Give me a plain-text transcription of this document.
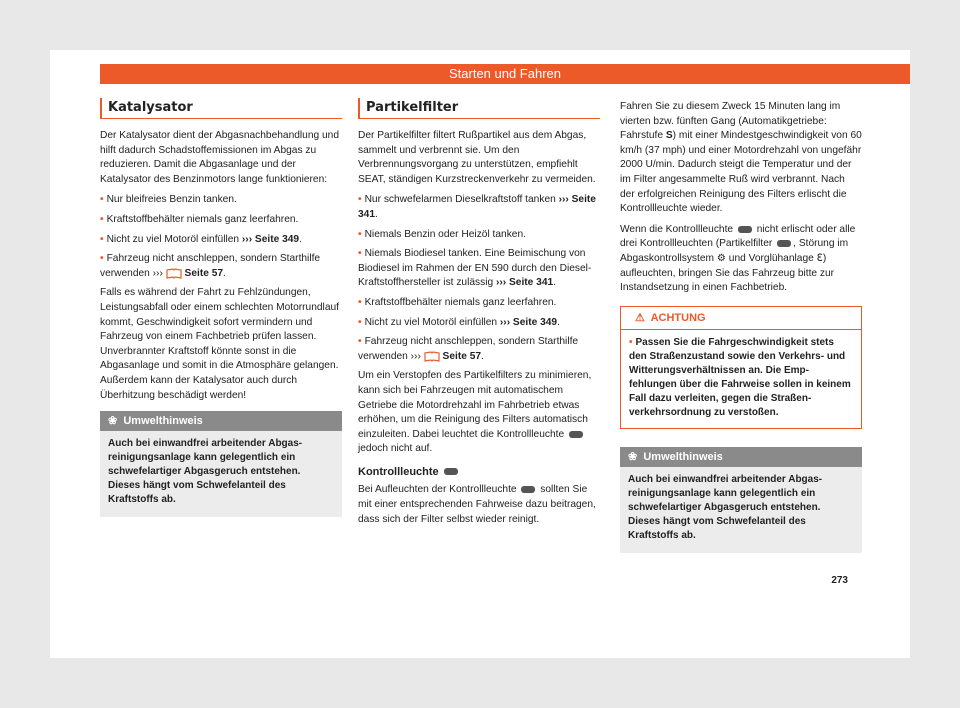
Starten und Fahren
Katalysator

Der Katalysator dient der Abgasnachbehandlung und hilft dadurch Schadstoffemissionen im Abgas zu reduzieren. Damit die Abgasanlage und der Katalysator des Benzinmotors lange funktionieren:

• Nur bleifreies Benzin tanken.
• Kraftstoffbehälter niemals ganz leerfahren.
• Nicht zu viel Motoröl einfüllen ››› Seite 349.
• Fahrzeug nicht anschleppen, sondern Starthilfe verwenden ›››  Seite 57.

Falls es während der Fahrt zu Fehlzündungen, Leistungsabfall oder einem schlechten Motorrundlauf kommt, Geschwindigkeit sofort vermindern und Fahrzeug von einem Fachbetrieb prüfen lassen. Unverbrannter Kraftstoff könnte sonst in die Abgasanlage und somit in die Atmosphäre gelangen. Außerdem kann der Katalysator auch durch Überhitzung beschädigt werden!

❀ Umwelthinweis
Auch bei einwandfrei arbeitender Abgasreinigungsanlage kann gelegentlich ein schwefelartiger Abgasgeruch entstehen. Dieses hängt vom Schwefelanteil des Kraftstoffs ab.
Partikelfilter

Der Partikelfilter filtert Rußpartikel aus dem Abgas, sammelt und verbrennt sie. Um den Verbrennungsvorgang zu unterstützen, empfiehlt SEAT, ständigen Kurzstreckenverkehr zu vermeiden.

• Nur schwefelarmen Dieselkraftstoff tanken ››› Seite 341.
• Niemals Benzin oder Heizöl tanken.
• Niemals Biodiesel tanken. Eine Beimischung von Biodiesel im Rahmen der EN 590 durch den Diesel-Kraftstoffhersteller ist zulässig ››› Seite 341.
• Kraftstoffbehälter niemals ganz leerfahren.
• Nicht zu viel Motoröl einfüllen ››› Seite 349.
• Fahrzeug nicht anschleppen, sondern Starthilfe verwenden ›››  Seite 57.

Um ein Verstopfen des Partikelfilters zu minimieren, kann sich bei Fahrzeugen mit automatischem Getriebe die Motordrehzahl im Fahrbetrieb etwas erhöhen, um die Reinigung des Filters automatisch einzuleiten. Dabei leuchtet die Kontrollleuchte  jedoch nicht auf.

Kontrollleuchte

Bei Aufleuchten der Kontrollleuchte  sollten Sie mit einer entsprechenden Fahrweise dazu beitragen, dass sich der Filter selbst wieder reinigt.

Fahren Sie zu diesem Zweck 15 Minuten lang im vierten bzw. fünften Gang (Automatikgetriebe: Fahrstufe S) mit einer Mindestgeschwindigkeit von 60 km/h (37 mph) und einer Motordrehzahl von ungefähr 2000 U/min. Dadurch steigt die Temperatur und der im Filter angesammelte Ruß wird verbrannt. Nach der erfolgreichen Reinigung des Filters erlischt die Kontrollleuchte wieder.

Wenn die Kontrollleuchte  nicht erlischt oder alle drei Kontrollleuchten (Partikelfilter , Störung im Abgaskontrollsystem ⚙ und Vorglühanlage ℇ) aufleuchten, bringen Sie das Fahrzeug bitte zur Instandsetzung in einen Fachbetrieb.

⚠ ACHTUNG
• Passen Sie die Fahrgeschwindigkeit stets den Straßenzustand sowie den Verkehrs- und Witterungsverhältnissen an. Die Empfehlungen über die Fahrweise sollen in keinem Fall dazu verleiten, gegen die Straßenverkehrsordnung zu verstoßen.
❀ Umwelthinweis
Auch bei einwandfrei arbeitender Abgasreinigungsanlage kann gelegentlich ein schwefelartiger Abgasgeruch entstehen. Dieses hängt vom Schwefelanteil des Kraftstoffs ab.
273
